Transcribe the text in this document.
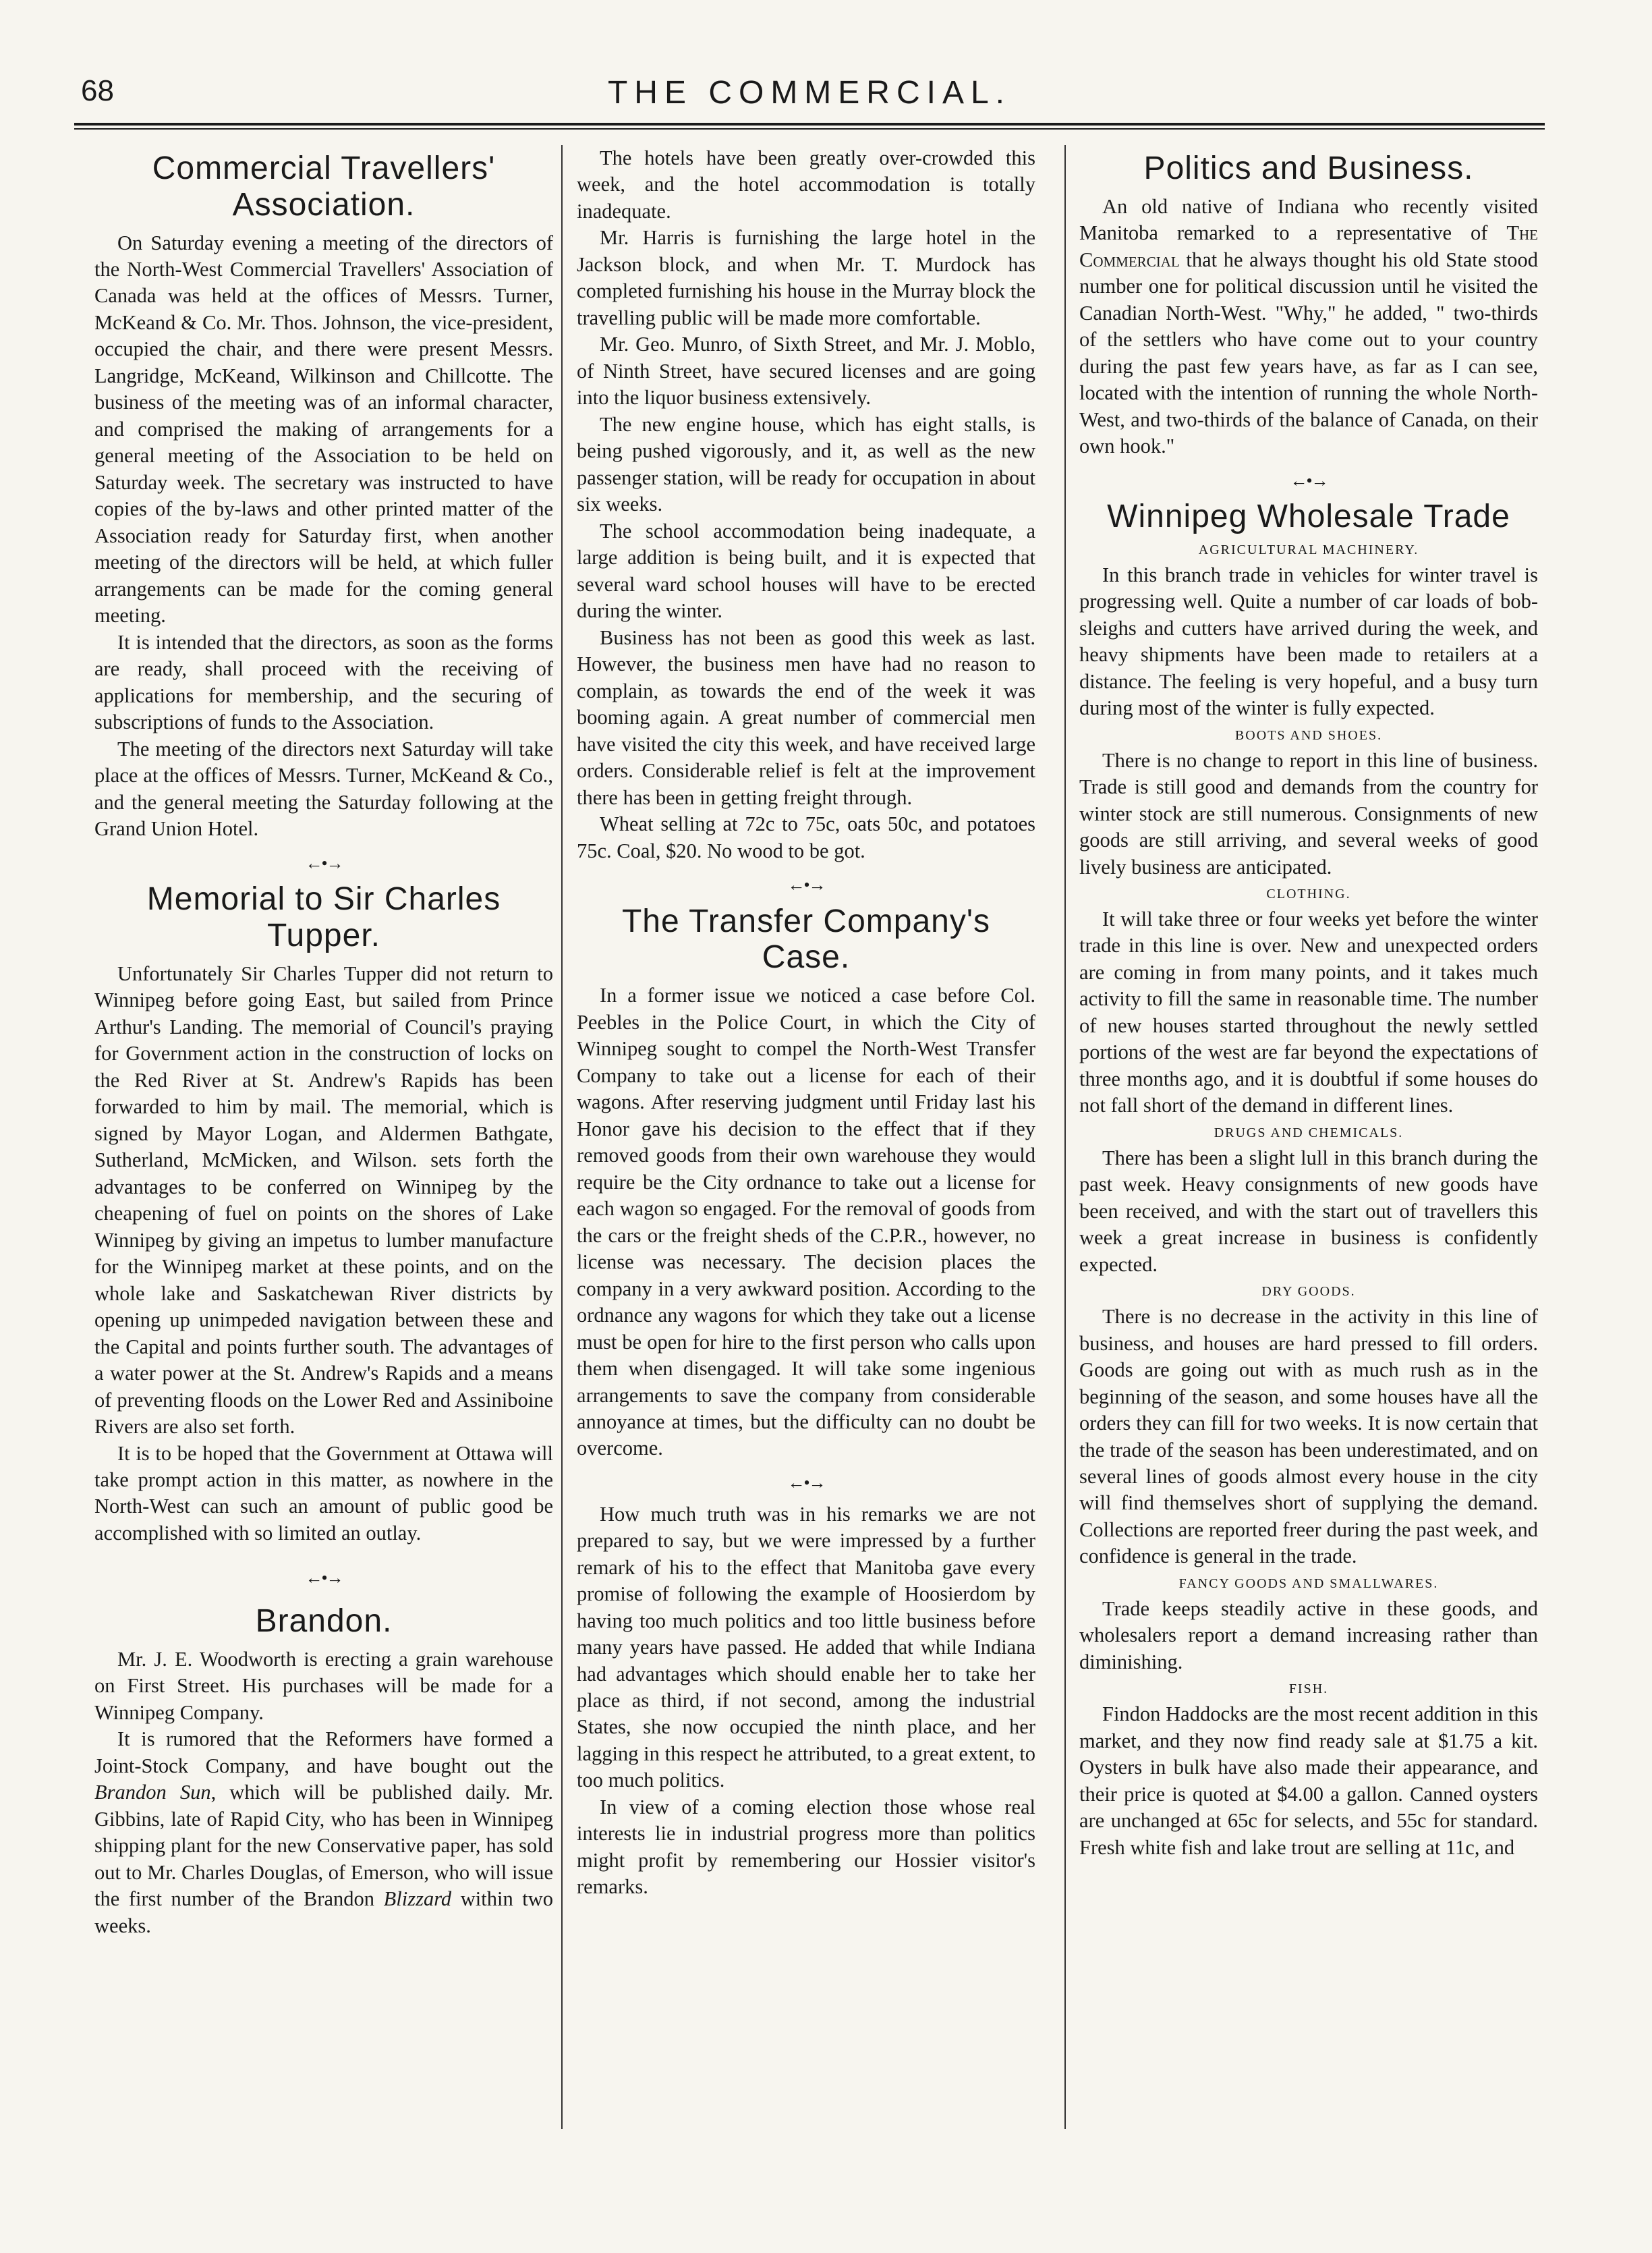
68	THE COMMERCIAL.
Commercial Travellers' Association.

On Saturday evening a meeting of the directors of the North-West Commercial Travellers' Association of Canada was held at the offices of Messrs. Turner, McKeand & Co. Mr. Thos. Johnson, the vice-president, occupied the chair, and there were present Messrs. Langridge, McKeand, Wilkinson and Chillcotte. The business of the meeting was of an informal character, and comprised the making of arrangements for a general meeting of the Association to be held on Saturday week. The secretary was instructed to have copies of the by-laws and other printed matter of the Association ready for Saturday first, when another meeting of the directors will be held, at which fuller arrangements can be made for the coming general meeting.

It is intended that the directors, as soon as the forms are ready, shall proceed with the receiving of applications for membership, and the securing of subscriptions of funds to the Association.

The meeting of the directors next Saturday will take place at the offices of Messrs. Turner, McKeand & Co., and the general meeting the Saturday following at the Grand Union Hotel.

←•→
Memorial to Sir Charles Tupper.

Unfortunately Sir Charles Tupper did not return to Winnipeg before going East, but sailed from Prince Arthur's Landing. The memorial of Council's praying for Government action in the construction of locks on the Red River at St. Andrew's Rapids has been forwarded to him by mail. The memorial, which is signed by Mayor Logan, and Aldermen Bathgate, Sutherland, McMicken, and Wilson. sets forth the advantages to be conferred on Winnipeg by the cheapening of fuel on points on the shores of Lake Winnipeg by giving an impetus to lumber manufacture for the Winnipeg market at these points, and on the whole lake and Saskatchewan River districts by opening up unimpeded navigation between these and the Capital and points further south. The advantages of a water power at the St. Andrew's Rapids and a means of preventing floods on the Lower Red and Assiniboine Rivers are also set forth.

It is to be hoped that the Government at Ottawa will take prompt action in this matter, as nowhere in the North-West can such an amount of public good be accomplished with so limited an outlay.

←•→
Brandon.

Mr. J. E. Woodworth is erecting a grain warehouse on First Street. His purchases will be made for a Winnipeg Company.

It is rumored that the Reformers have formed a Joint-Stock Company, and have bought out the Brandon Sun, which will be published daily. Mr. Gibbins, late of Rapid City, who has been in Winnipeg shipping plant for the new Conservative paper, has sold out to Mr. Charles Douglas, of Emerson, who will issue the first number of the Brandon Blizzard within two weeks.

The hotels have been greatly over-crowded this week, and the hotel accommodation is totally inadequate.

Mr. Harris is furnishing the large hotel in the Jackson block, and when Mr. T. Murdock has completed furnishing his house in the Murray block the travelling public will be made more comfortable.

Mr. Geo. Munro, of Sixth Street, and Mr. J. Moblo, of Ninth Street, have secured licenses and are going into the liquor business extensively.

The new engine house, which has eight stalls, is being pushed vigorously, and it, as well as the new passenger station, will be ready for occupation in about six weeks.

The school accommodation being inadequate, a large addition is being built, and it is expected that several ward school houses will have to be erected during the winter.

Business has not been as good this week as last. However, the business men have had no reason to complain, as towards the end of the week it was booming again. A great number of commercial men have visited the city this week, and have received large orders. Considerable relief is felt at the improvement there has been in getting freight through.

Wheat selling at 72c to 75c, oats 50c, and potatoes 75c. Coal, $20. No wood to be got.

←•→
The Transfer Company's Case.

In a former issue we noticed a case before Col. Peebles in the Police Court, in which the City of Winnipeg sought to compel the North-West Transfer Company to take out a license for each of their wagons. After reserving judgment until Friday last his Honor gave his decision to the effect that if they removed goods from their own warehouse they would require be the City ordnance to take out a license for each wagon so engaged. For the removal of goods from the cars or the freight sheds of the C.P.R., however, no license was necessary. The decision places the company in a very awkward position. According to the ordnance any wagons for which they take out a license must be open for hire to the first person who calls upon them when disengaged. It will take some ingenious arrangements to save the company from considerable annoyance at times, but the difficulty can no doubt be overcome.

←•→

How much truth was in his remarks we are not prepared to say, but we were impressed by a further remark of his to the effect that Manitoba gave every promise of following the example of Hoosierdom by having too much politics and too little business before many years have passed. He added that while Indiana had advantages which should enable her to take her place as third, if not second, among the industrial States, she now occupied the ninth place, and her lagging in this respect he attributed, to a great extent, to too much politics.

In view of a coming election those whose real interests lie in industrial progress more than politics might profit by remembering our Hossier visitor's remarks.

Politics and Business.

An old native of Indiana who recently visited Manitoba remarked to a representative of The Commercial that he always thought his old State stood number one for political discussion until he visited the Canadian North-West. "Why," he added, " two-thirds of the settlers who have come out to your country during the past few years have, as far as I can see, located with the intention of running the whole North-West, and two-thirds of the balance of Canada, on their own hook."

←•→
Winnipeg Wholesale Trade
AGRICULTURAL MACHINERY.

In this branch trade in vehicles for winter travel is progressing well. Quite a number of car loads of bob-sleighs and cutters have arrived during the week, and heavy shipments have been made to retailers at a distance. The feeling is very hopeful, and a busy turn during most of the winter is fully expected.

BOOTS AND SHOES.

There is no change to report in this line of business. Trade is still good and demands from the country for winter stock are still numerous. Consignments of new goods are still arriving, and several weeks of good lively business are anticipated.

CLOTHING.

It will take three or four weeks yet before the winter trade in this line is over. New and unexpected orders are coming in from many points, and it takes much activity to fill the same in reasonable time. The number of new houses started throughout the newly settled portions of the west are far beyond the expectations of three months ago, and it is doubtful if some houses do not fall short of the demand in different lines.

DRUGS AND CHEMICALS.

There has been a slight lull in this branch during the past week. Heavy consignments of new goods have been received, and with the start out of travellers this week a great increase in business is confidently expected.

DRY GOODS.

There is no decrease in the activity in this line of business, and houses are hard pressed to fill orders. Goods are going out with as much rush as in the beginning of the season, and some houses have all the orders they can fill for two weeks. It is now certain that the trade of the season has been underestimated, and on several lines of goods almost every house in the city will find themselves short of supplying the demand. Collections are reported freer during the past week, and confidence is general in the trade.

FANCY GOODS AND SMALLWARES.

Trade keeps steadily active in these goods, and wholesalers report a demand increasing rather than diminishing.

FISH.

Findon Haddocks are the most recent addition in this market, and they now find ready sale at $1.75 a kit. Oysters in bulk have also made their appearance, and their price is quoted at $4.00 a gallon. Canned oysters are unchanged at 65c for selects, and 55c for standard. Fresh white fish and lake trout are selling at 11c, and
